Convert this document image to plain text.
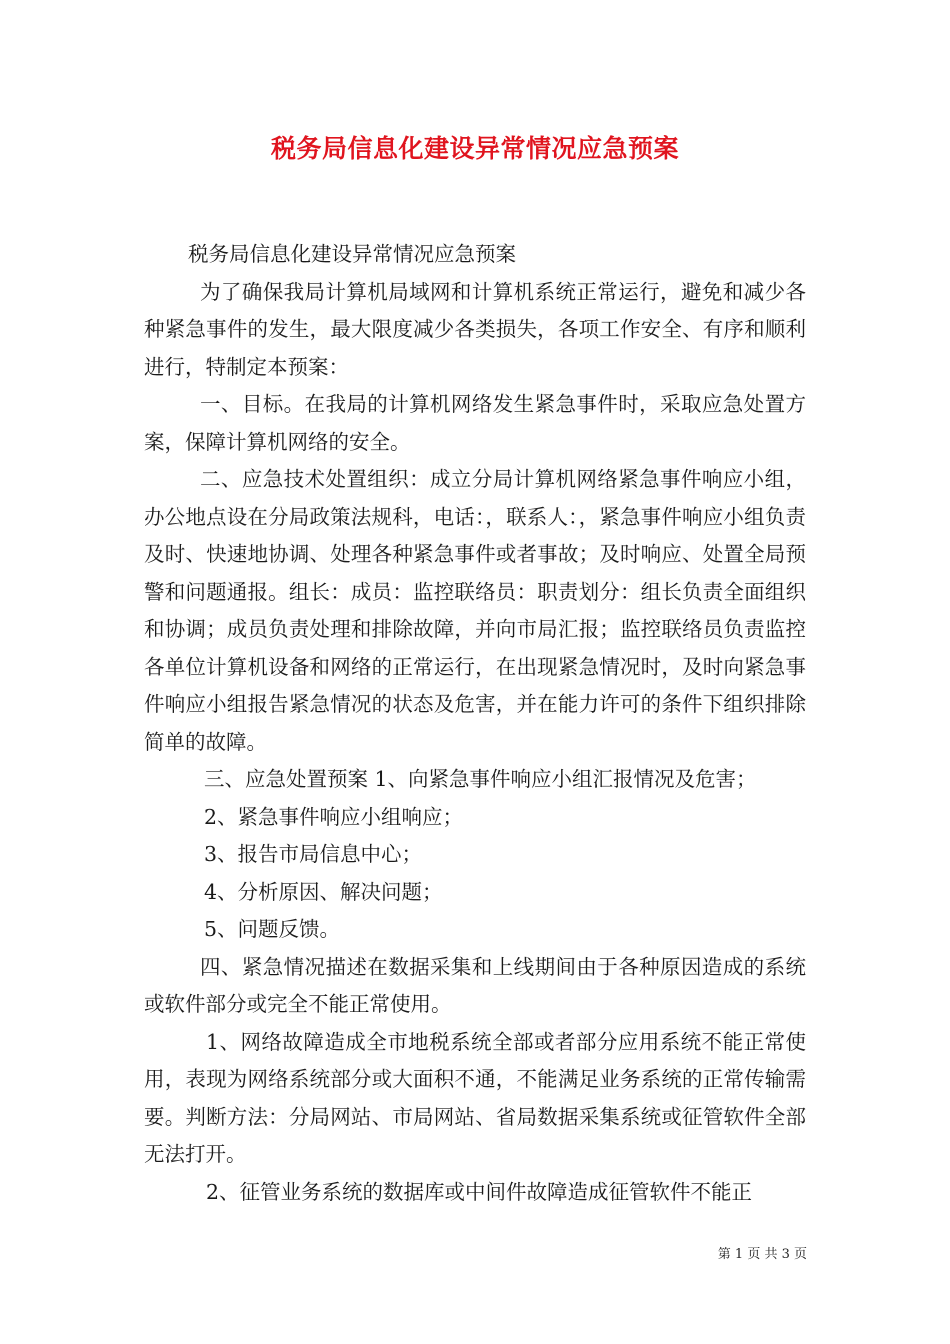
税务局信息化建设异常情况应急预案

税务局信息化建设异常情况应急预案

为了确保我局计算机局域网和计算机系统正常运行，避免和减少各种紧急事件的发生，最大限度减少各类损失，各项工作安全、有序和顺利进行，特制定本预案：

一、目标。在我局的计算机网络发生紧急事件时，采取应急处置方案，保障计算机网络的安全。

二、应急技术处置组织：成立分局计算机网络紧急事件响应小组，办公地点设在分局政策法规科，电话：，联系人：，紧急事件响应小组负责及时、快速地协调、处理各种紧急事件或者事故；及时响应、处置全局预警和问题通报。组长：成员：监控联络员：职责划分：组长负责全面组织和协调；成员负责处理和排除故障，并向市局汇报；监控联络员负责监控各单位计算机设备和网络的正常运行，在出现紧急情况时，及时向紧急事件响应小组报告紧急情况的状态及危害，并在能力许可的条件下组织排除简单的故障。

三、应急处置预案 1、向紧急事件响应小组汇报情况及危害；

2、紧急事件响应小组响应；

3、报告市局信息中心；

4、分析原因、解决问题；

5、问题反馈。

四、紧急情况描述在数据采集和上线期间由于各种原因造成的系统或软件部分或完全不能正常使用。

1、网络故障造成全市地税系统全部或者部分应用系统不能正常使用，表现为网络系统部分或大面积不通，不能满足业务系统的正常传输需要。判断方法：分局网站、市局网站、省局数据采集系统或征管软件全部无法打开。

2、征管业务系统的数据库或中间件故障造成征管软件不能正

第 1 页 共 3 页
